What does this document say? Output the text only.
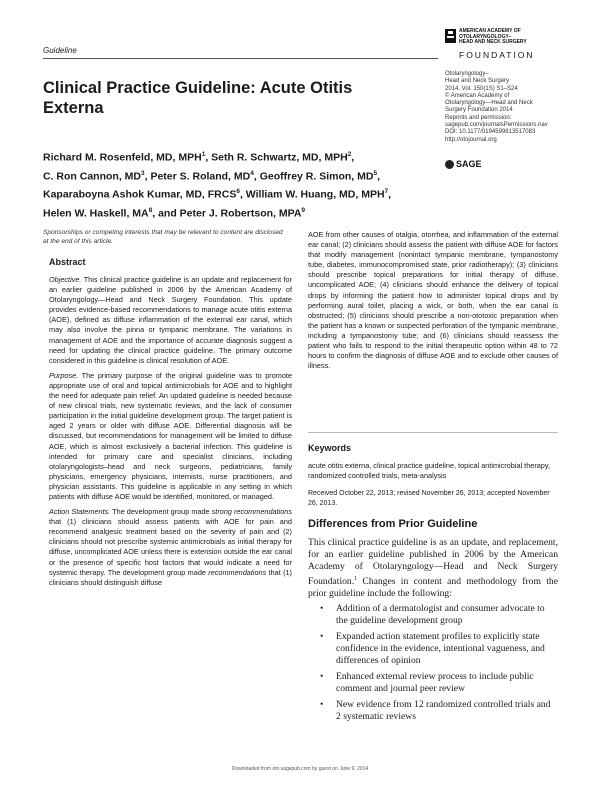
Guideline
AMERICAN ACADEMY OF
OTOLARYNGOLOGY–
HEAD AND NECK SURGERY
FOUNDATION
Otolaryngology–
Head and Neck Surgery
2014, Vol. 150(1S) S1–S24
© American Academy of
Otolaryngology—Head and Neck
Surgery Foundation 2014
Reprints and permission:
sagepub.com/journalsPermissions.nav
DOI: 10.1177/0194599813517083
http://otojournal.org
SAGE
Clinical Practice Guideline: Acute Otitis Externa
Richard M. Rosenfeld, MD, MPH$^1$, Seth R. Schwartz, MD, MPH$^2$,
C. Ron Cannon, $MD^3$, Peter S. Roland, $MD^4$, Geoffrey R. Simon, $MD^5$,
Kaparaboyna Ashok Kumar, MD, FRCS$^6$, William W. Huang, MD, MPH$^7$,
Helen W. Haskell, $MA^8$, and Peter J. Robertson, MPA$^9$
Sponsorships or competing interests that may be relevant to content are disclosed at the end of this article.
Abstract

Objective. This clinical practice guideline is an update and replacement for an earlier guideline published in 2006 by the American Academy of Otolaryngology—Head and Neck Surgery Foundation. This update provides evidence-based recommendations to manage acute otitis externa (AOE), defined as diffuse inflammation of the external ear canal, which may also involve the pinna or tympanic membrane. The variations in management of AOE and the importance of accurate diagnosis suggest a need for updating the clinical practice guideline. The primary outcome considered in this guideline is clinical resolution of AOE.

Purpose. The primary purpose of the original guideline was to promote appropriate use of oral and topical antimicrobials for AOE and to highlight the need for adequate pain relief. An updated guideline is needed because of new clinical trials, new systematic reviews, and the lack of consumer participation in the initial guideline development group. The target patient is aged 2 years or older with diffuse AOE. Differential diagnosis will be discussed, but recommendations for management will be limited to diffuse AOE, which is almost exclusively a bacterial infection. This guideline is intended for primary care and specialist clinicians, including otolaryngologists–head and neck surgeons, pediatricians, family physicians, emergency physicians, internists, nurse practitioners, and physician assistants. This guideline is applicable in any setting in which patients with diffuse AOE would be identified, monitored, or managed.

Action Statements. The development group made strong recommendations that (1) clinicians should assess patients with AOE for pain and recommend analgesic treatment based on the severity of pain and (2) clinicians should not prescribe systemic antimicrobials as initial therapy for diffuse, uncomplicated AOE unless there is extension outside the ear canal or the presence of specific host factors that would indicate a need for systemic therapy. The development group made recommendations that (1) clinicians should distinguish diffuse

AOE from other causes of otalgia, otorrhea, and inflammation of the external ear canal; (2) clinicians should assess the patient with diffuse AOE for factors that modify management (nonintact tympanic membrane, tympanostomy tube, diabetes, immunocompromised state, prior radiotherapy); (3) clinicians should prescribe topical preparations for initial therapy of diffuse, uncomplicated AOE; (4) clinicians should enhance the delivery of topical drops by informing the patient how to administer topical drops and by performing aural toilet, placing a wick, or both, when the ear canal is obstructed; (5) clinicians should prescribe a non-ototoxic preparation when the patient has a known or suspected perforation of the tympanic membrane, including a tympanostomy tube; and (6) clinicians should reassess the patient who fails to respond to the initial therapeutic option within 48 to 72 hours to confirm the diagnosis of diffuse AOE and to exclude other causes of illness.
Keywords
acute otitis externa, clinical practice guideline, topical antimicrobial therapy, randomized controlled trials, meta-analysis
Received October 22, 2013; revised November 26, 2013; accepted November 26, 2013.
Differences from Prior Guideline
This clinical practice guideline is as an update, and replacement, for an earlier guideline published in 2006 by the American Academy of Otolaryngology—Head and Neck Surgery Foundation.$^1$ Changes in content and methodology from the prior guideline include the following:
• Addition of a dermatologist and consumer advocate to the guideline development group
• Expanded action statement profiles to explicitly state confidence in the evidence, intentional vagueness, and differences of opinion
• Enhanced external review process to include public comment and journal peer review
• New evidence from 12 randomized controlled trials and 2 systematic reviews
Downloaded from oto.sagepub.com by guest on June 9, 2014
